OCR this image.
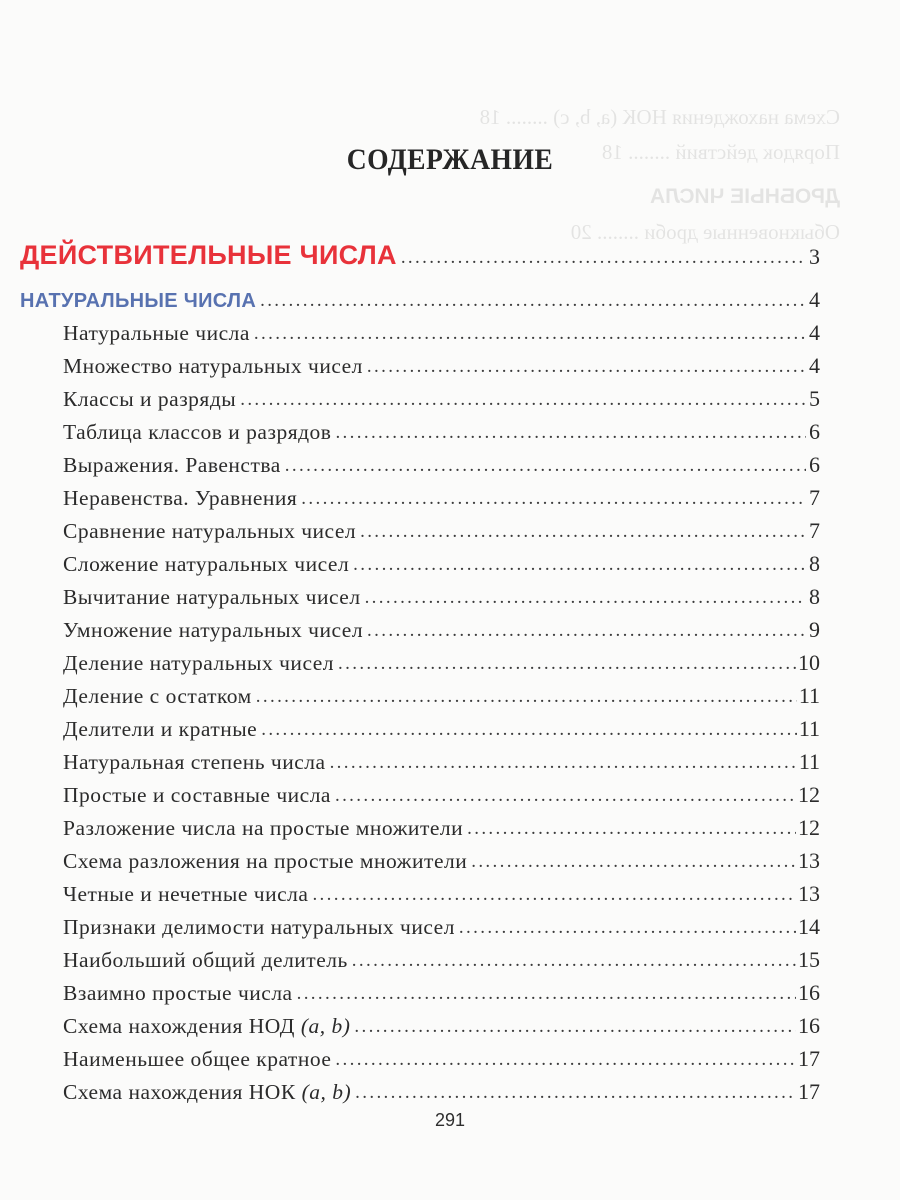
Схема нахождения НОК (a, b, c) ........ 18
Порядок действий ........ 18
ДРОБНЫЕ ЧИСЛА
Обыкновенные дроби ........ 20
СОДЕРЖАНИЕ
ДЕЙСТВИТЕЛЬНЫЕ ЧИСЛА . . .	3
НАТУРАЛЬНЫЕ ЧИСЛА . . .	4
Натуральные числа . . .	4
Множество натуральных чисел . . .	4
Классы и разряды . . .	5
Таблица классов и разрядов . . .	6
Выражения. Равенства . . .	6
Неравенства. Уравнения . . .	7
Сравнение натуральных чисел . . .	7
Сложение натуральных чисел . . .	8
Вычитание натуральных чисел . . .	8
Умножение натуральных чисел . . .	9
Деление натуральных чисел . . .	10
Деление с остатком . . .	11
Делители и кратные . . .	11
Натуральная степень числа . . .	11
Простые и составные числа . . .	12
Разложение числа на простые множители . . .	12
Схема разложения на простые множители . . .	13
Четные и нечетные числа . . .	13
Признаки делимости натуральных чисел . . .	14
Наибольший общий делитель . . .	15
Взаимно простые числа . . .	16
Схема нахождения НОД (a, b) . . .	16
Наименьшее общее кратное . . .	17
Схема нахождения НОК (a, b) . . .	17
291
